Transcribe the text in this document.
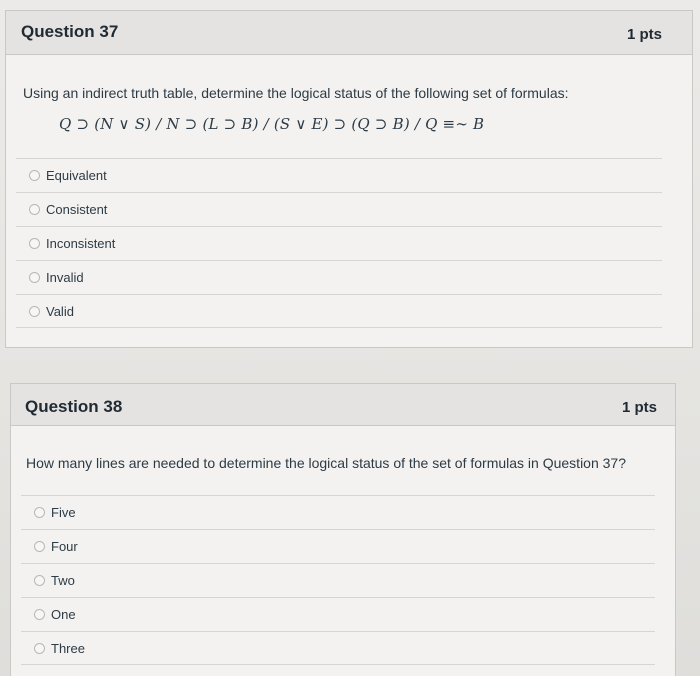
Question 37	1 pts
Using an indirect truth table, determine the logical status of the following set of formulas:
Q ⊃ (N ∨ S) / N ⊃ (L ⊃ B) / (S ∨ E) ⊃ (Q ⊃ B) / Q ≡∼ B
Equivalent
Consistent
Inconsistent
Invalid
Valid
Question 38	1 pts
How many lines are needed to determine the logical status of the set of formulas in Question 37?
Five
Four
Two
One
Three
